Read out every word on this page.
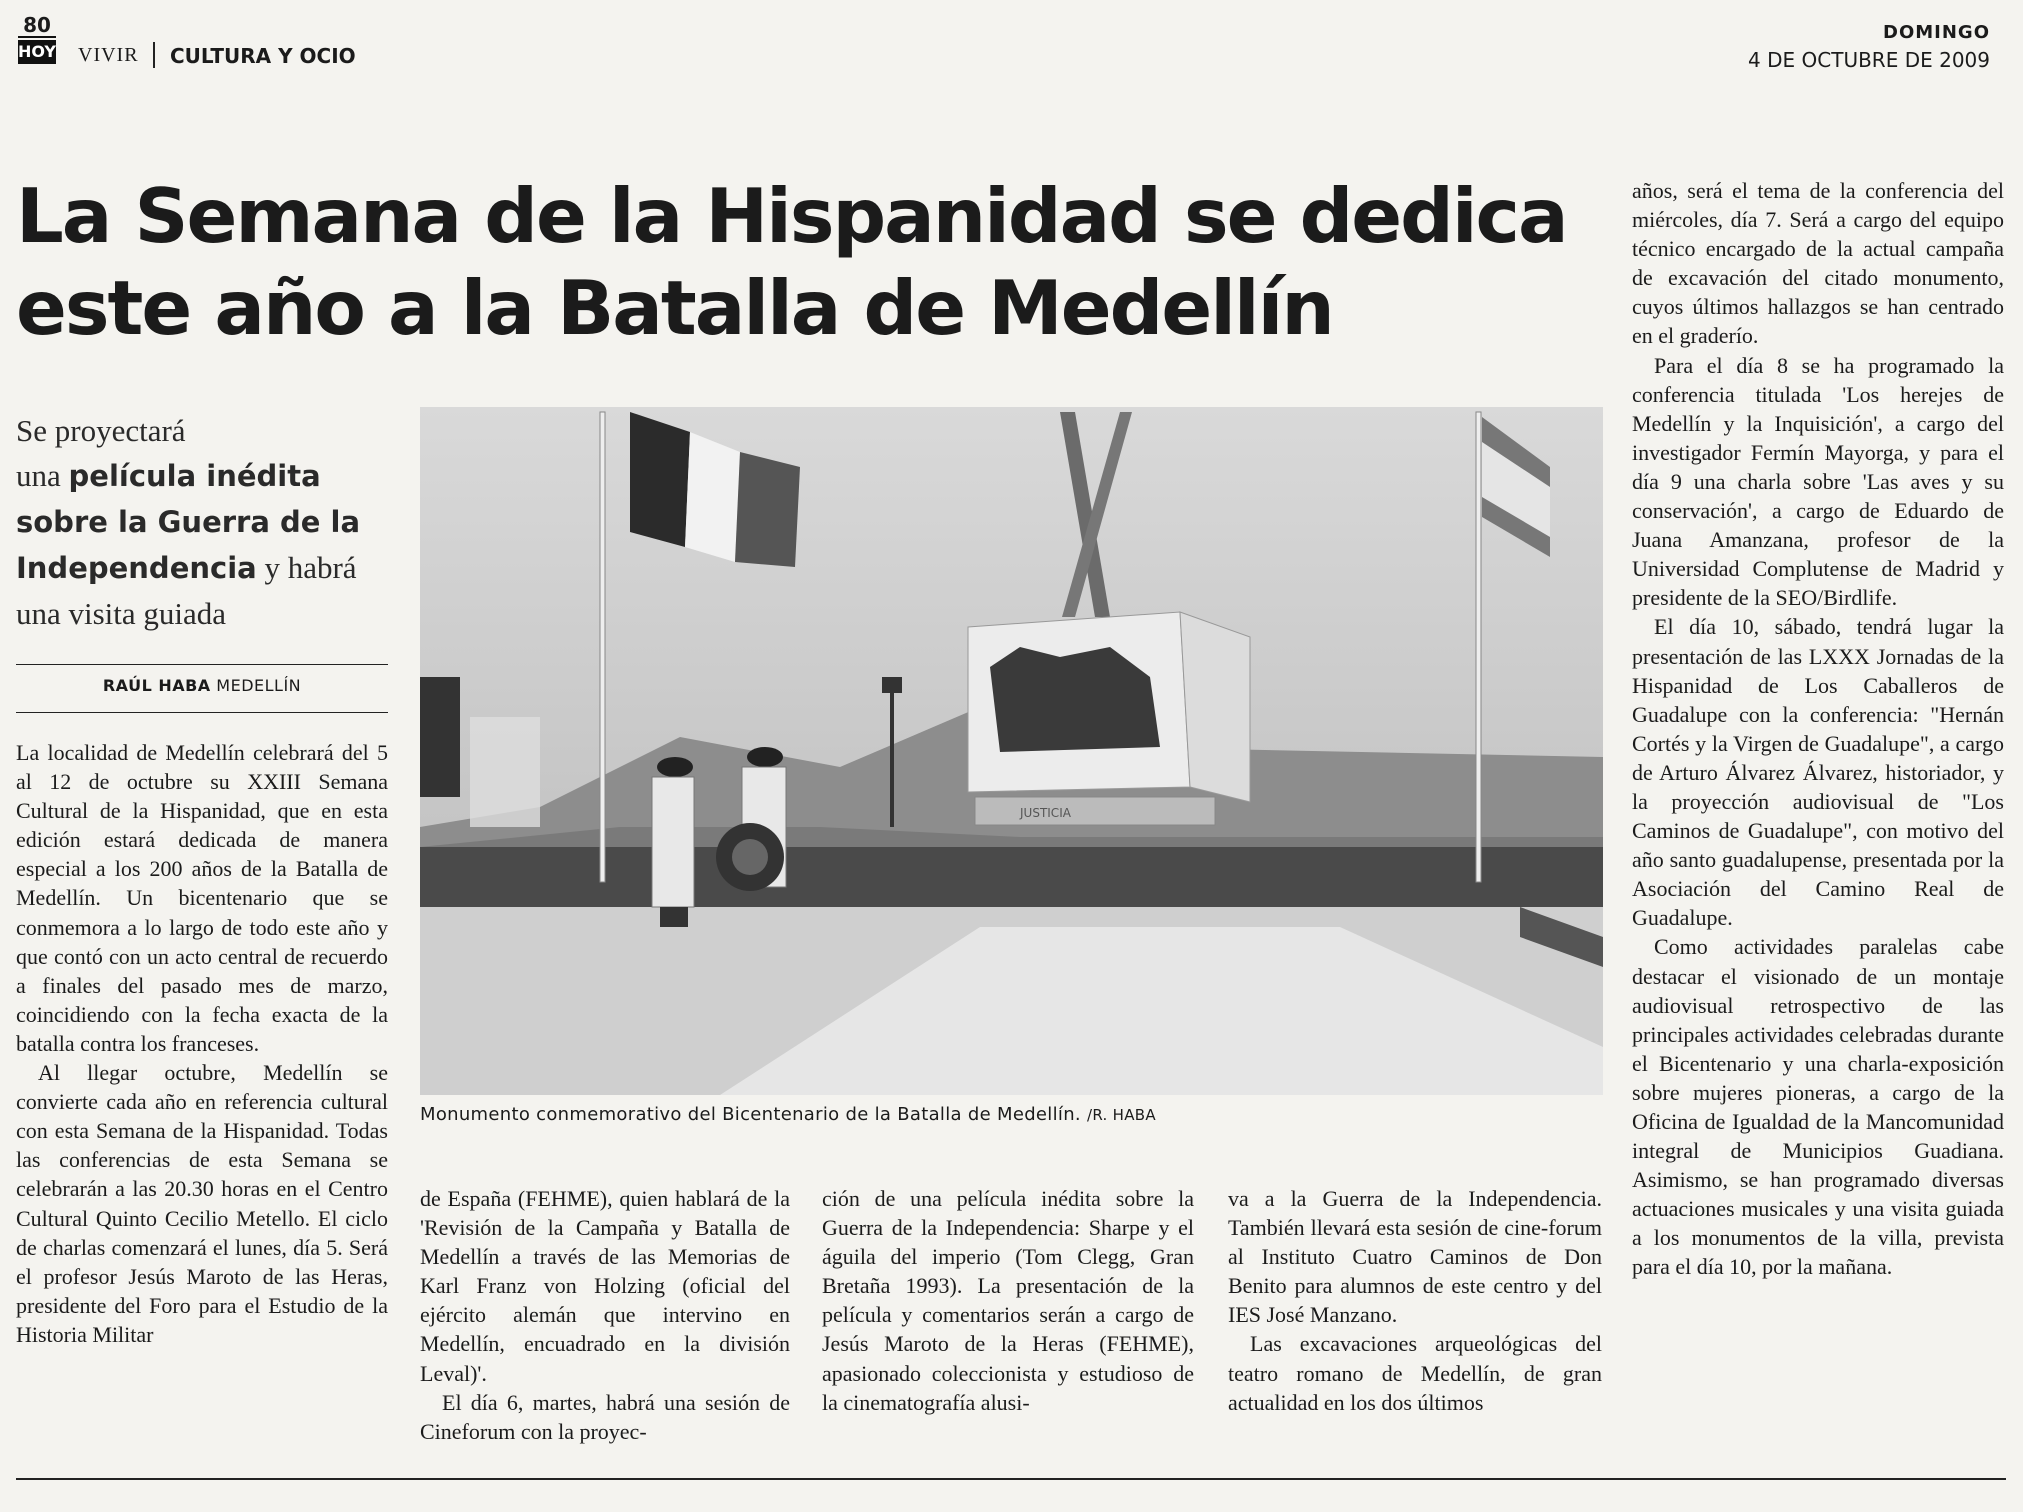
80
HOY VIVIR CULTURA Y OCIO
DOMINGO
4 DE OCTUBRE DE 2009
La Semana de la Hispanidad se dedica
este año a la Batalla de Medellín
Se proyectará
una película inédita
sobre la Guerra de la
Independencia y habrá
una visita guiada
RAÚL HABA MEDELLÍN

La localidad de Medellín celebrará del 5 al 12 de octubre su XXIII Semana Cultural de la Hispanidad, que en esta edición estará dedicada de manera especial a los 200 años de la Batalla de Medellín. Un bicentenario que se conmemora a lo largo de todo este año y que contó con un acto central de recuerdo a finales del pasado mes de marzo, coincidiendo con la fecha exacta de la batalla contra los franceses.

Al llegar octubre, Medellín se convierte cada año en referencia cultural con esta Semana de la Hispanidad. Todas las conferencias de esta Semana se celebrarán a las 20.30 horas en el Centro Cultural Quinto Cecilio Metello. El ciclo de charlas comenzará el lunes, día 5. Será el profesor Jesús Maroto de las Heras, presidente del Foro para el Estudio de la Historia Militar

JUSTICIA
Monumento conmemorativo del Bicentenario de la Batalla de Medellín. /R. HABA

de España (FEHME), quien hablará de la 'Revisión de la Campaña y Batalla de Medellín a través de las Memorias de Karl Franz von Holzing (oficial del ejército alemán que intervino en Medellín, encuadrado en la división Leval)'.

El día 6, martes, habrá una sesión de Cineforum con la proyec-

ción de una película inédita sobre la Guerra de la Independencia: Sharpe y el águila del imperio (Tom Clegg, Gran Bretaña 1993). La presentación de la película y comentarios serán a cargo de Jesús Maroto de la Heras (FEHME), apasionado coleccionista y estudioso de la cinematografía alusi-

va a la Guerra de la Independencia. También llevará esta sesión de cine-forum al Instituto Cuatro Caminos de Don Benito para alumnos de este centro y del IES José Manzano.

Las excavaciones arqueológicas del teatro romano de Medellín, de gran actualidad en los dos últimos

años, será el tema de la conferencia del miércoles, día 7. Será a cargo del equipo técnico encargado de la actual campaña de excavación del citado monumento, cuyos últimos hallazgos se han centrado en el graderío.

Para el día 8 se ha programado la conferencia titulada 'Los herejes de Medellín y la Inquisición', a cargo del investigador Fermín Mayorga, y para el día 9 una charla sobre 'Las aves y su conservación', a cargo de Eduardo de Juana Amanzana, profesor de la Universidad Complutense de Madrid y presidente de la SEO/Birdlife.

El día 10, sábado, tendrá lugar la presentación de las LXXX Jornadas de la Hispanidad de Los Caballeros de Guadalupe con la conferencia: "Hernán Cortés y la Virgen de Guadalupe", a cargo de Arturo Álvarez Álvarez, historiador, y la proyección audiovisual de "Los Caminos de Guadalupe", con motivo del año santo guadalupense, presentada por la Asociación del Camino Real de Guadalupe.

Como actividades paralelas cabe destacar el visionado de un montaje audiovisual retrospectivo de las principales actividades celebradas durante el Bicentenario y una charla-exposición sobre mujeres pioneras, a cargo de la Oficina de Igualdad de la Mancomunidad integral de Municipios Guadiana. Asimismo, se han programado diversas actuaciones musicales y una visita guiada a los monumentos de la villa, prevista para el día 10, por la mañana.
